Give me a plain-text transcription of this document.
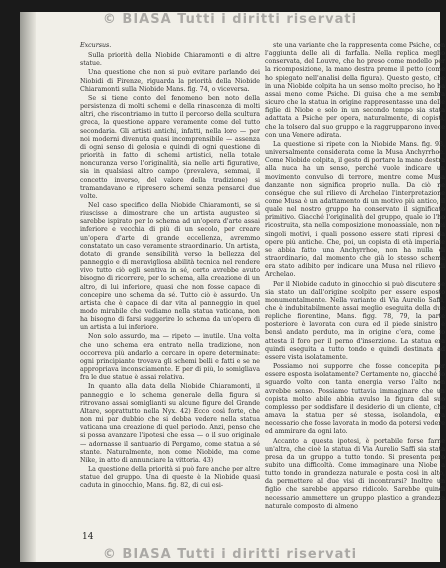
© BIASA Tutti i diritti riservati

Excursus.

Sulla priorità della Niobide Chiaramonti e di altre statue.

Una questione che non si può evitare parlando dei Niobidi di Firenze, riguarda la priorità della Niobide Chiaramonti sulla Niobide Mans. fig. 74, o viceversa.

Se si tiene conto del fenomeno ben noto della persistenza di molti schemi e della rinascenza di molti altri, che riscontriamo in tutto il percorso della scultura greca, la questione appare veramente come del tutto secondaria. Gli artisti antichi, infatti, nella loro — per noi moderni divenuta quasi incomprensibile — assenza di ogni senso di gelosia e quindi di ogni questione di priorità in fatto di schemi artistici, nella totale noncuranza verso l'originalità, sia nelle arti figurative, sia in qualsiasi altro campo (prevaleva, semmai, il concetto inverso, del valore della tradizione) si tramandavano e ripresero schemi senza pensarci due volte.

Nel caso specifico della Niobide Chiaramonti, se si riuscisse a dimostrare che un artista augusteo si sarebbe ispirato per lo schema ad un'opera d'arte assai inferiore e vecchia di più di un secolo, per creare un'opera d'arte di grande eccellenza, avremmo constatato un caso veramente straordinario. Un artista, dotato di grande sensibilità verso la bellezza del panneggio e di meravigliosa abilità tecnica nel rendere vivo tutto ciò egli sentiva in sé, certo avrebbe avuto bisogno di ricorrere, per lo schema, alla creazione di un altro, di lui inferiore, quasi che non fosse capace di concepire uno schema da sé. Tutto ciò è assurdo. Un artista che è capace di dar vita al panneggio in quel modo mirabile che vediamo nella statua vaticana, non ha bisogno di farsi suggerire lo schema da un'opera di un artista a lui inferiore.

Non solo assurdo, ma — ripeto — inutile. Una volta che uno schema era entrato nella tradizione, non occorreva più andarlo a cercare in opere determinate: ogni principiante trovava gli schemi belli e fatti e se ne appropriava inconsciamente. E per di più, lo somigliava fra le due statue è assai relativa.

In quanto alla data della Niobide Chiaramonti, il panneggio e lo schema generale della figura si ritrovano assai somiglianti su alcune figure del Grande Altare, soprattutto nella Nyx. 42) Ecco così forte, che non mi par dubbio che si debba vedere nella statua vaticana una creazione di quel periodo. Anzi, penso che si possa avanzare l'ipotesi che essa — o il suo originale — adornasse il santuario di Pergamo, come statua a sé stante. Naturalmente, non come Niobide, ma come Nike, in atto di annunciare la vittoria. 43)

La questione della priorità si può fare anche per altre statue del gruppo. Una di queste è la Niobide quasi caduta in ginocchio, Mans. fig. 82, di cui esi-

ste una variante che la rappresenta come Psiche, con l'aggiunta delle ali di farfalla. Nella replica meglio conservata, del Louvre, che ho preso come modello per la ricomposizione, la mano destra preme il petto (come ho spiegato nell'analisi della figura). Questo gesto, che in una Niobide colpita ha un senso molto preciso, ho ha assai meno come Psiche. Di guisa che a me sembra sicuro che la statua in origine rappresentasse una delle figlie di Niobe e solo in un secondo tempo sia stata adattata a Psiche per opera, naturalmente, di copisti, che la tolsero dal suo gruppo e la raggrupparono invece con una Venere adirata.

La questione si ripete con la Niobide Mans. fig. 93, universalmente considerata come la Musa Anchyrrhoe. Come Niobide colpita, il gesto di portare la mano destra alla nuca ha un senso, perché vuole indicare un movimento convulso di terrore, mentre come Musa danzante non significa proprio nulla. Da ciò ne conségue che sul rilievo di Archelao l'interpretazione come Musa è un adattamento di un motivo più antico, il quale nel nostro gruppo ha conservato il significato primitivo. Giacché l'originalità del gruppo, quale io l'ho ricostruita, sta nella composizione monoassiale, non nei singoli motivi, i quali possono essere stati ripresi da opere più antiche. Che, poi, un copista di età imperiale se abbia fatto una Anchyrrhoe, non ha nulla di straordinario, dal momento che già lo stesso schema era stato adibito per indicare una Musa nel rilievo di Archelao.

Per il Niobide caduto in ginocchio si può discutere se sia stato un dall'origine scolpito per essere esposto monumentalmente. Nella variante di Via Aurelio Saffi, che è indubitabilmente assai meglio eseguita della due repliche fiorentine, Mans. figg. 78, 79, la parte posteriore è lavorata con cura ed il piede sinistro è bensì andato perduto, ma in origine c'era, come lo attesta il foro per il perno d'inserzione. La statua era quindi eseguita a tutto tondo e quindi destinata ad essere vista isolatamente.

Possiamo noi supporre che fosse concepita per essere esposta isolatamente? Certamente no, giacché lo sguardo volto con tanta energia verso l'alto non avrebbe senso. Possiamo tuttavia immaginare che un copista molto abile abbia avulso la figura dal suo complesso per soddisfare il desiderio di un cliente, che amava la statua per sé stessa, isolandola, era necessario che fosse lavorata in modo da potersi vedere ed ammirare da ogni lato.

Accanto a questa ipotesi, è portabile forse farne un'altra, che cioè la statua di Via Aurelio Saffi sia stata presa da un gruppo a tutto tondo. Si presenta però subito una difficoltà. Come immaginare una Niobe a tutto tondo in grandezza naturale e posta così in alto, da permettere al due visi di incontrarsi? Inoltre un figlio che sarebbe apparso ridicolo. Sarebbe quindi necessario ammettere un gruppo plastico a grandezza naturale composto di almeno

14
© BIASA Tutti i diritti riservati
